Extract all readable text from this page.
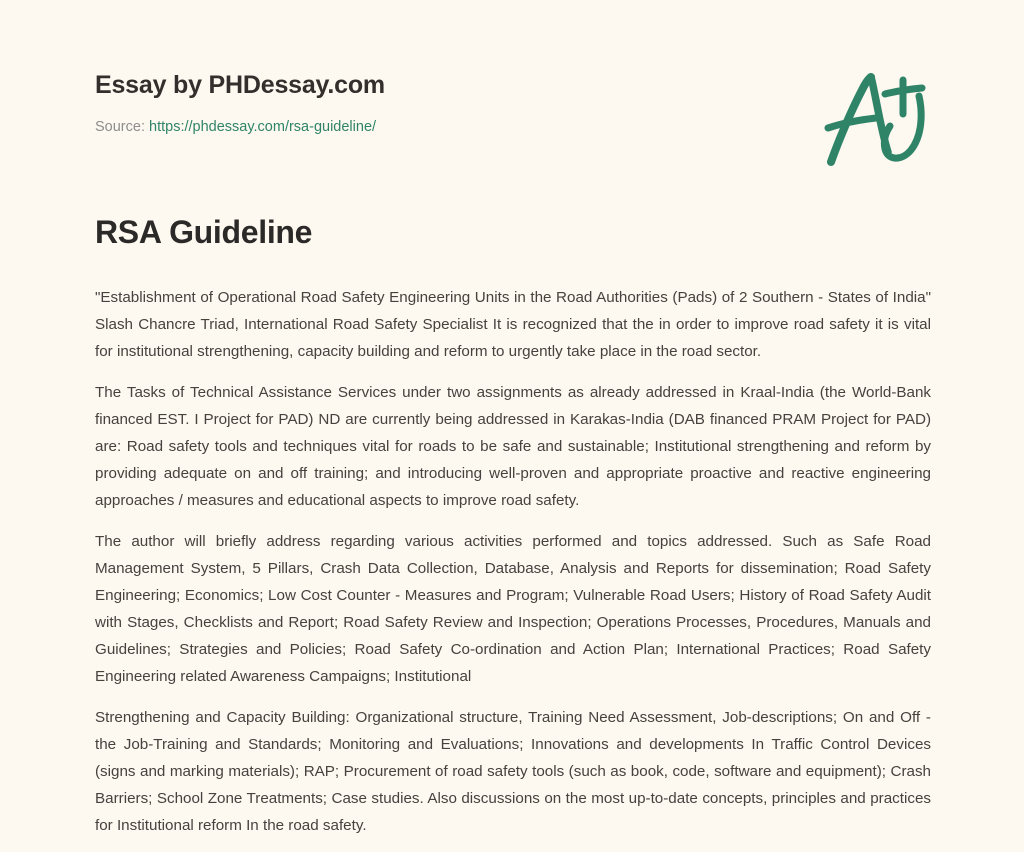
Essay by PHDessay.com
Source: https://phdessay.com/rsa-guideline/
RSA Guideline

"Establishment of Operational Road Safety Engineering Units in the Road Authorities (Pads) of 2 Southern - States of India" Slash Chancre Triad, International Road Safety Specialist It is recognized that the in order to improve road safety it is vital for institutional strengthening, capacity building and reform to urgently take place in the road sector.

The Tasks of Technical Assistance Services under two assignments as already addressed in Kraal-India (the World-Bank financed EST. I Project for PAD) ND are currently being addressed in Karakas-India (DAB financed PRAM Project for PAD) are: Road safety tools and techniques vital for roads to be safe and sustainable; Institutional strengthening and reform by providing adequate on and off training; and introducing well-proven and appropriate proactive and reactive engineering approaches / measures and educational aspects to improve road safety.

The author will briefly address regarding various activities performed and topics addressed. Such as Safe Road Management System, 5 Pillars, Crash Data Collection, Database, Analysis and Reports for dissemination; Road Safety Engineering; Economics; Low Cost Counter - Measures and Program; Vulnerable Road Users; History of Road Safety Audit with Stages, Checklists and Report; Road Safety Review and Inspection; Operations Processes, Procedures, Manuals and Guidelines; Strategies and Policies; Road Safety Co-ordination and Action Plan; International Practices; Road Safety Engineering related Awareness Campaigns; Institutional

Strengthening and Capacity Building: Organizational structure, Training Need Assessment, Job-descriptions; On and Off - the Job-Training and Standards; Monitoring and Evaluations; Innovations and developments In Traffic Control Devices (signs and marking materials); RAP; Procurement of road safety tools (such as book, code, software and equipment); Crash Barriers; School Zone Treatments; Case studies. Also discussions on the most up-to-date concepts, principles and practices for Institutional reform In the road safety.
